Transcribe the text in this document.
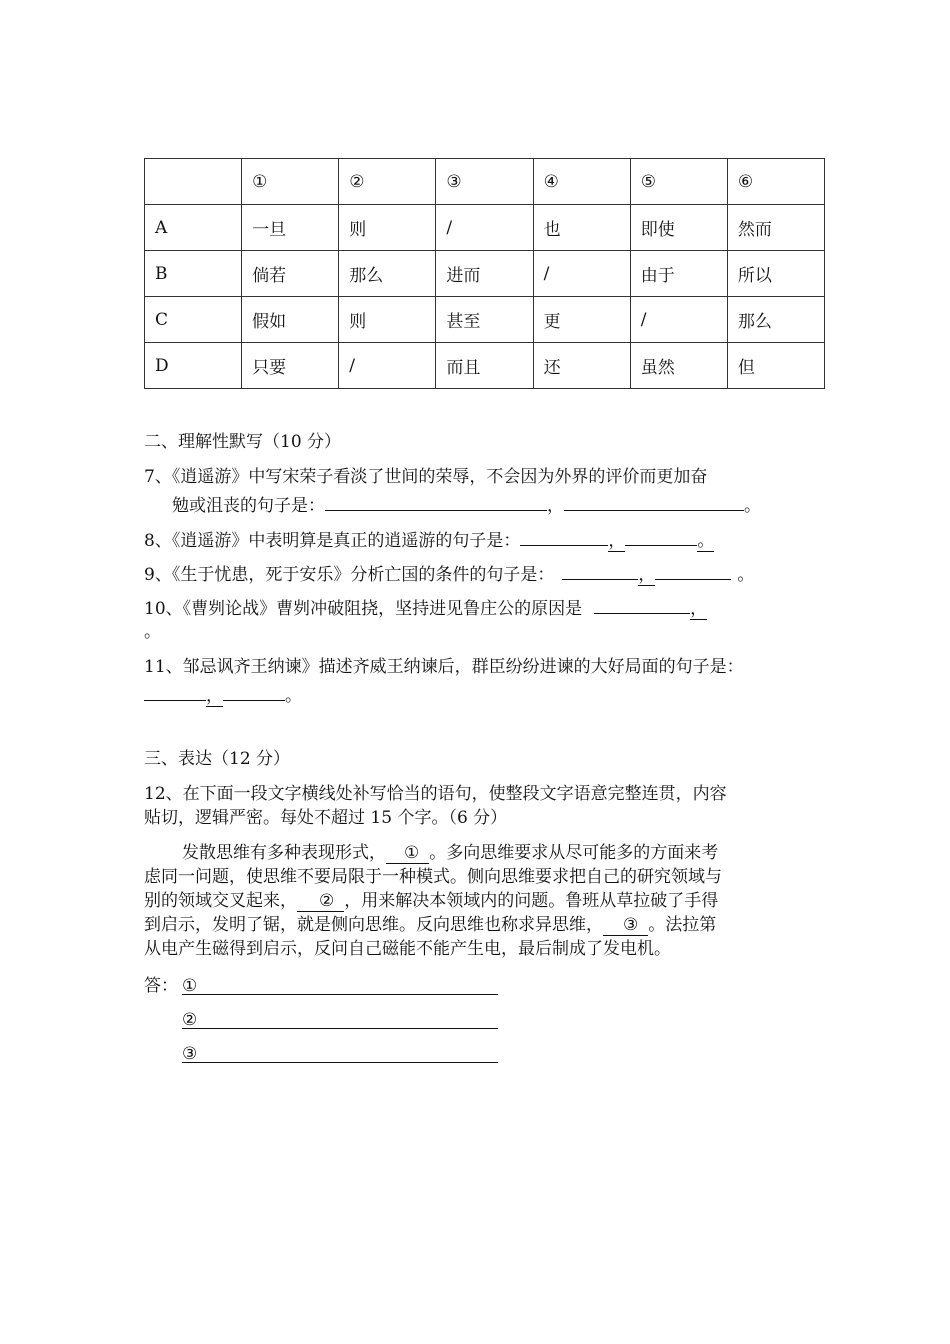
	①	②	③	④	⑤	⑥
A	一旦	则	/	也	即使	然而
B	倘若	那么	进而	/	由于	所以
C	假如	则	甚至	更	/	那么
D	只要	/	而且	还	虽然	但
二、理解性默写（10 分）
7、《逍遥游》中写宋荣子看淡了世间的荣辱，不会因为外界的评价而更加奋
勉或沮丧的句子是：	，	。
8、《逍遥游》中表明算是真正的逍遥游的句子是：	，	。
9、《生于忧患，死于安乐》分析亡国的条件的句子是：	，	。
10、《曹刿论战》曹刿冲破阻挠，坚持进见鲁庄公的原因是	，
。
11、邹忌讽齐王纳谏》描述齐威王纳谏后，群臣纷纷进谏的大好局面的句子是：
，	。
三、表达（12 分）
12、在下面一段文字横线处补写恰当的语句，使整段文字语意完整连贯，内容
贴切，逻辑严密。每处不超过 15 个字。（6 分）
发散思维有多种表现形式， ① 。多向思维要求从尽可能多的方面来考
虑同一问题，使思维不要局限于一种模式。侧向思维要求把自己的研究领域与
别的领域交叉起来， ② ，用来解决本领域内的问题。鲁班从草拉破了手得
到启示，发明了锯，就是侧向思维。反向思维也称求异思维， ③ 。法拉第
从电产生磁得到启示，反问自己磁能不能产生电，最后制成了发电机。
答： ①
②
③
